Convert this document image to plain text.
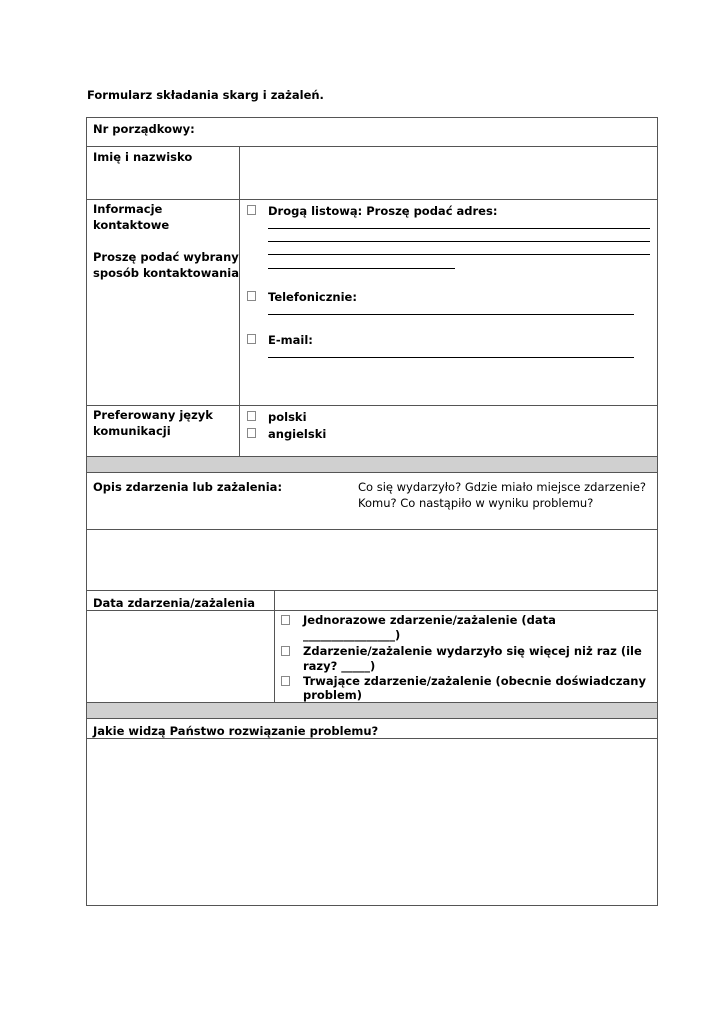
Formularz składania skarg i zażaleń.
Nr porządkowy:
Imię i nazwisko
Informacje
kontaktowe
Proszę podać wybrany
sposób kontaktowania
Drogą listową: Proszę podać adres:
Telefonicznie:
E-mail:
Preferowany język
komunikacji
polski
angielski
Opis zdarzenia lub zażalenia:	Co się wydarzyło? Gdzie miało miejsce zdarzenie?
Komu? Co nastąpiło w wyniku problemu?
Data zdarzenia/zażalenia
Jednorazowe zdarzenie/zażalenie (data
________________)
Zdarzenie/zażalenie wydarzyło się więcej niż raz (ile
razy? _____)
Trwające zdarzenie/zażalenie (obecnie doświadczany
problem)
Jakie widzą Państwo rozwiązanie problemu?
